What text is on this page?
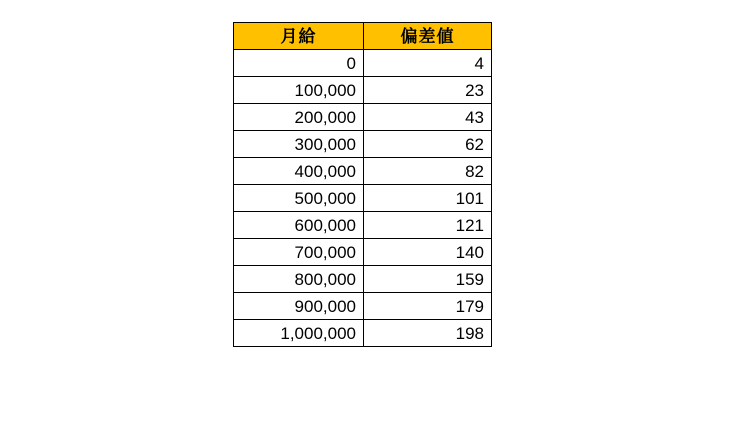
月給	偏差値
0	4
100,000	23
200,000	43
300,000	62
400,000	82
500,000	101
600,000	121
700,000	140
800,000	159
900,000	179
1,000,000	198
